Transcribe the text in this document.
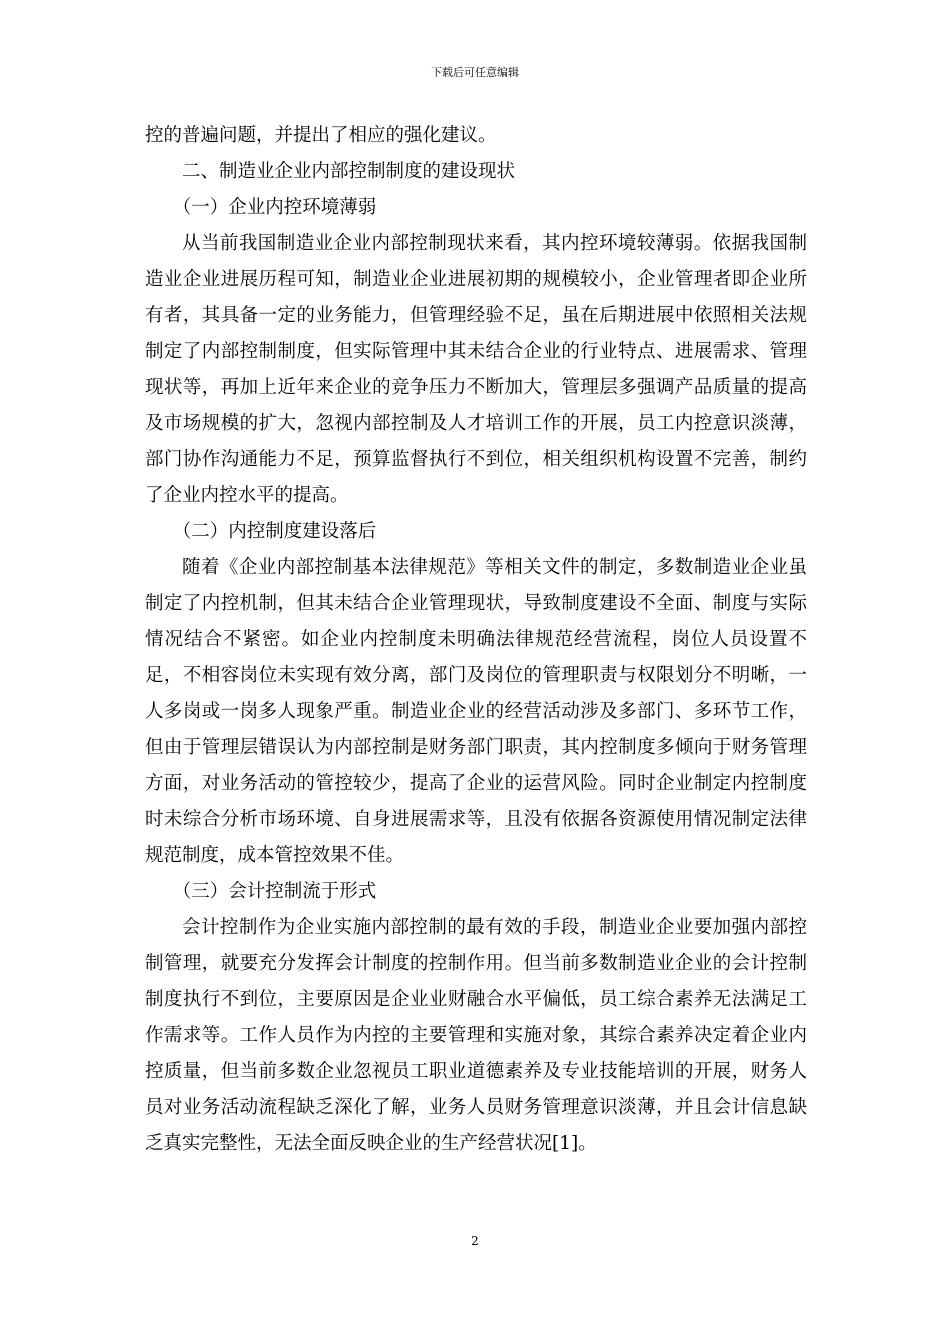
下载后可任意编辑

控的普遍问题，并提出了相应的强化建议。

二、制造业企业内部控制制度的建设现状

（一）企业内控环境薄弱

从当前我国制造业企业内部控制现状来看，其内控环境较薄弱。依据我国制造业企业进展历程可知，制造业企业进展初期的规模较小，企业管理者即企业所有者，其具备一定的业务能力，但管理经验不足，虽在后期进展中依照相关法规制定了内部控制制度，但实际管理中其未结合企业的行业特点、进展需求、管理现状等，再加上近年来企业的竞争压力不断加大，管理层多强调产品质量的提高及市场规模的扩大，忽视内部控制及人才培训工作的开展，员工内控意识淡薄，部门协作沟通能力不足，预算监督执行不到位，相关组织机构设置不完善，制约了企业内控水平的提高。

（二）内控制度建设落后

随着《企业内部控制基本法律规范》等相关文件的制定，多数制造业企业虽制定了内控机制，但其未结合企业管理现状，导致制度建设不全面、制度与实际情况结合不紧密。如企业内控制度未明确法律规范经营流程，岗位人员设置不足，不相容岗位未实现有效分离，部门及岗位的管理职责与权限划分不明晰，一人多岗或一岗多人现象严重。制造业企业的经营活动涉及多部门、多环节工作，但由于管理层错误认为内部控制是财务部门职责，其内控制度多倾向于财务管理方面，对业务活动的管控较少，提高了企业的运营风险。同时企业制定内控制度时未综合分析市场环境、自身进展需求等，且没有依据各资源使用情况制定法律规范制度，成本管控效果不佳。

（三）会计控制流于形式

会计控制作为企业实施内部控制的最有效的手段，制造业企业要加强内部控制管理，就要充分发挥会计制度的控制作用。但当前多数制造业企业的会计控制制度执行不到位，主要原因是企业业财融合水平偏低，员工综合素养无法满足工作需求等。工作人员作为内控的主要管理和实施对象，其综合素养决定着企业内控质量，但当前多数企业忽视员工职业道德素养及专业技能培训的开展，财务人员对业务活动流程缺乏深化了解，业务人员财务管理意识淡薄，并且会计信息缺乏真实完整性，无法全面反映企业的生产经营状况[1]。

2
